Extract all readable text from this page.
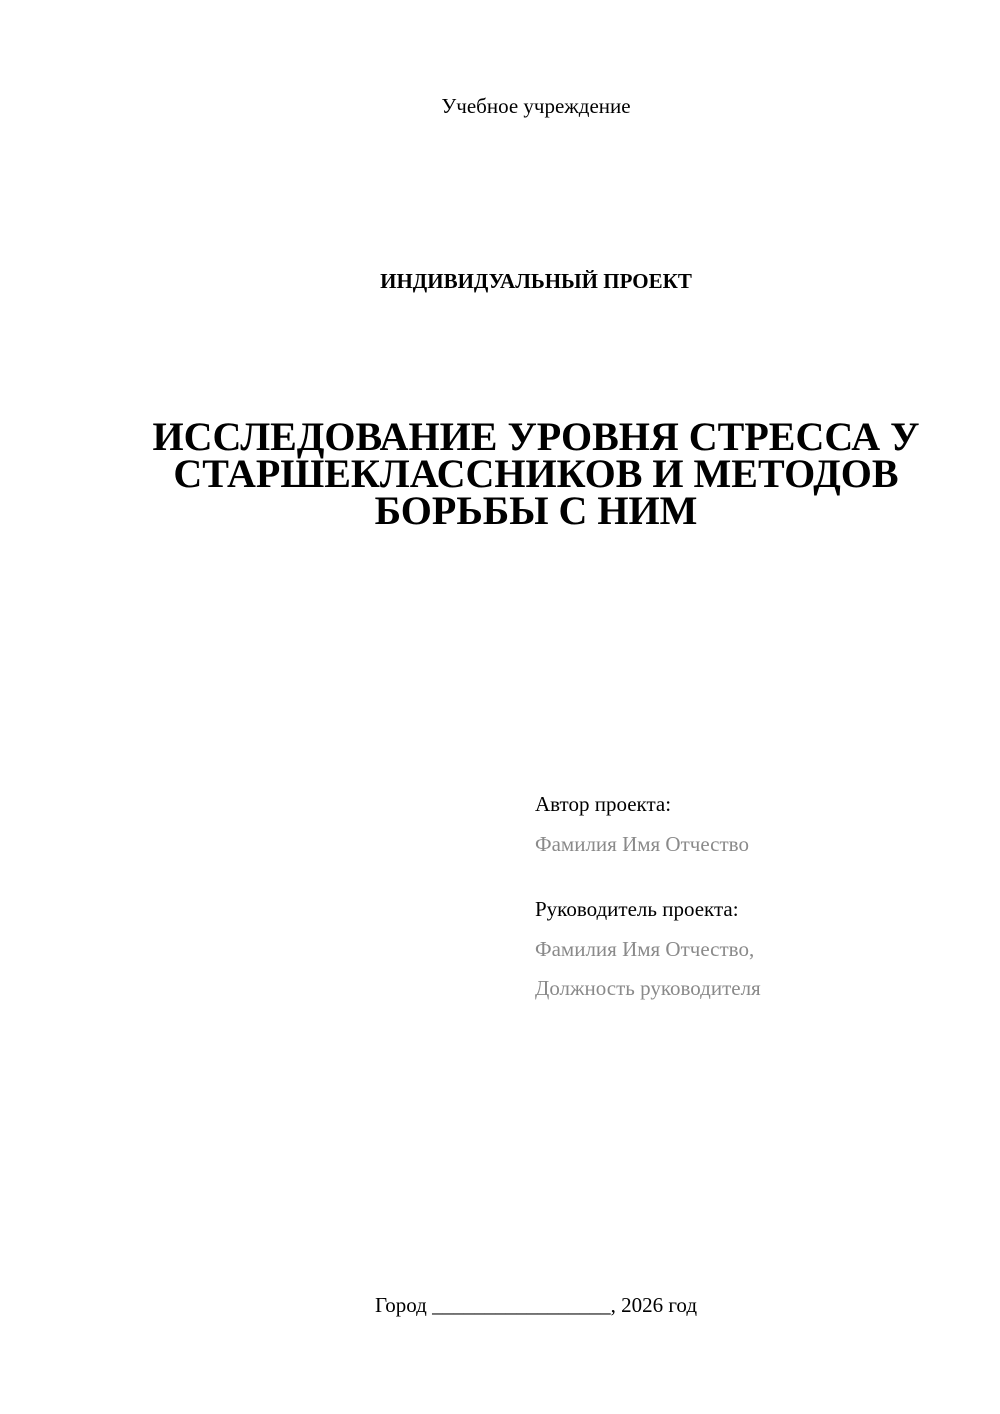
Учебное учреждение
ИНДИВИДУАЛЬНЫЙ ПРОЕКТ
ИССЛЕДОВАНИЕ УРОВНЯ СТРЕССА У
СТАРШЕКЛАССНИКОВ И МЕТОДОВ
БОРЬБЫ С НИМ
Автор проекта:
Фамилия Имя Отчество
Руководитель проекта:
Фамилия Имя Отчество,
Должность руководителя
Город _________________, 2026 год
